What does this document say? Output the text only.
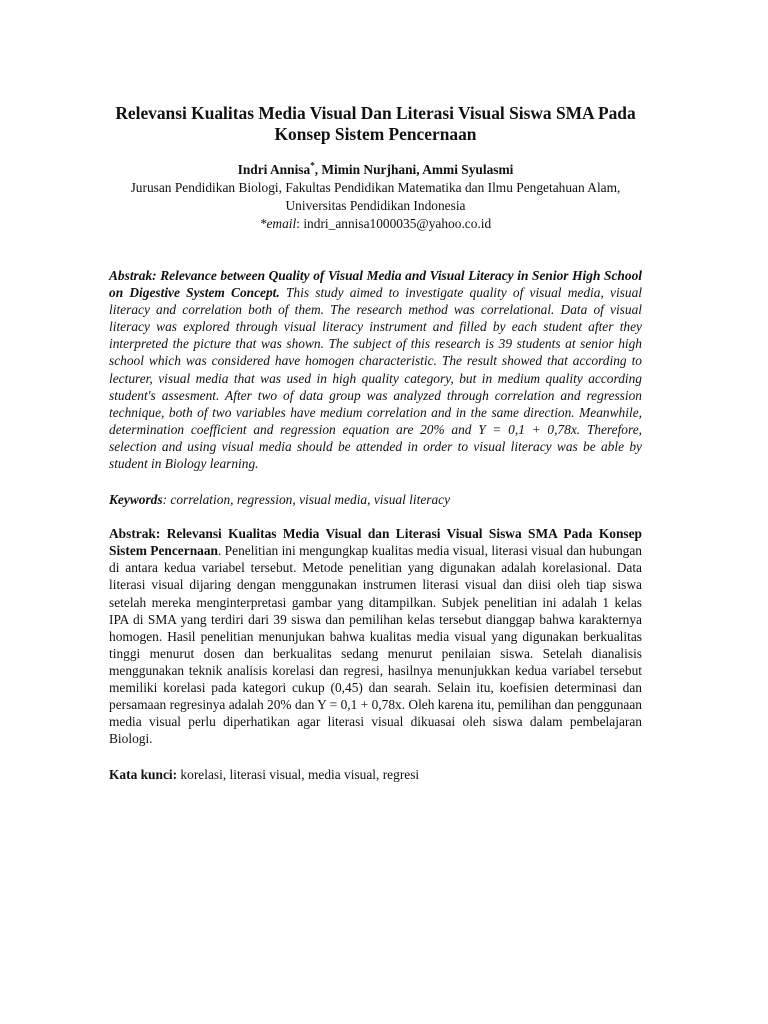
Relevansi Kualitas Media Visual Dan Literasi Visual Siswa SMA Pada Konsep Sistem Pencernaan

Indri Annisa*, Mimin Nurjhani, Ammi Syulasmi

Jurusan Pendidikan Biologi, Fakultas Pendidikan Matematika dan Ilmu Pengetahuan Alam, Universitas Pendidikan Indonesia

*email: indri_annisa1000035@yahoo.co.id

Abstrak: Relevance between Quality of Visual Media and Visual Literacy in Senior High School on Digestive System Concept. This study aimed to investigate quality of visual media, visual literacy and correlation both of them. The research method was correlational. Data of visual literacy was explored through visual literacy instrument and filled by each student after they interpreted the picture that was shown. The subject of this research is 39 students at senior high school which was considered have homogen characteristic. The result showed that according to lecturer, visual media that was used in high quality category, but in medium quality according student's assesment. After two of data group was analyzed through correlation and regression technique, both of two variables have medium correlation and in the same direction. Meanwhile, determination coefficient and regression equation are 20% and Y = 0,1 + 0,78x. Therefore, selection and using visual media should be attended in order to visual literacy was be able by student in Biology learning.

Keywords: correlation, regression, visual media, visual literacy

Abstrak: Relevansi Kualitas Media Visual dan Literasi Visual Siswa SMA Pada Konsep Sistem Pencernaan. Penelitian ini mengungkap kualitas media visual, literasi visual dan hubungan di antara kedua variabel tersebut. Metode penelitian yang digunakan adalah korelasional. Data literasi visual dijaring dengan menggunakan instrumen literasi visual dan diisi oleh tiap siswa setelah mereka menginterpretasi gambar yang ditampilkan. Subjek penelitian ini adalah 1 kelas IPA di SMA yang terdiri dari 39 siswa dan pemilihan kelas tersebut dianggap bahwa karakternya homogen. Hasil penelitian menunjukan bahwa kualitas media visual yang digunakan berkualitas tinggi menurut dosen dan berkualitas sedang menurut penilaian siswa. Setelah dianalisis menggunakan teknik analisis korelasi dan regresi, hasilnya menunjukkan kedua variabel tersebut memiliki korelasi pada kategori cukup (0,45) dan searah. Selain itu, koefisien determinasi dan persamaan regresinya adalah 20% dan Y = 0,1 + 0,78x. Oleh karena itu, pemilihan dan penggunaan media visual perlu diperhatikan agar literasi visual dikuasai oleh siswa dalam pembelajaran Biologi.

Kata kunci: korelasi, literasi visual, media visual, regresi
